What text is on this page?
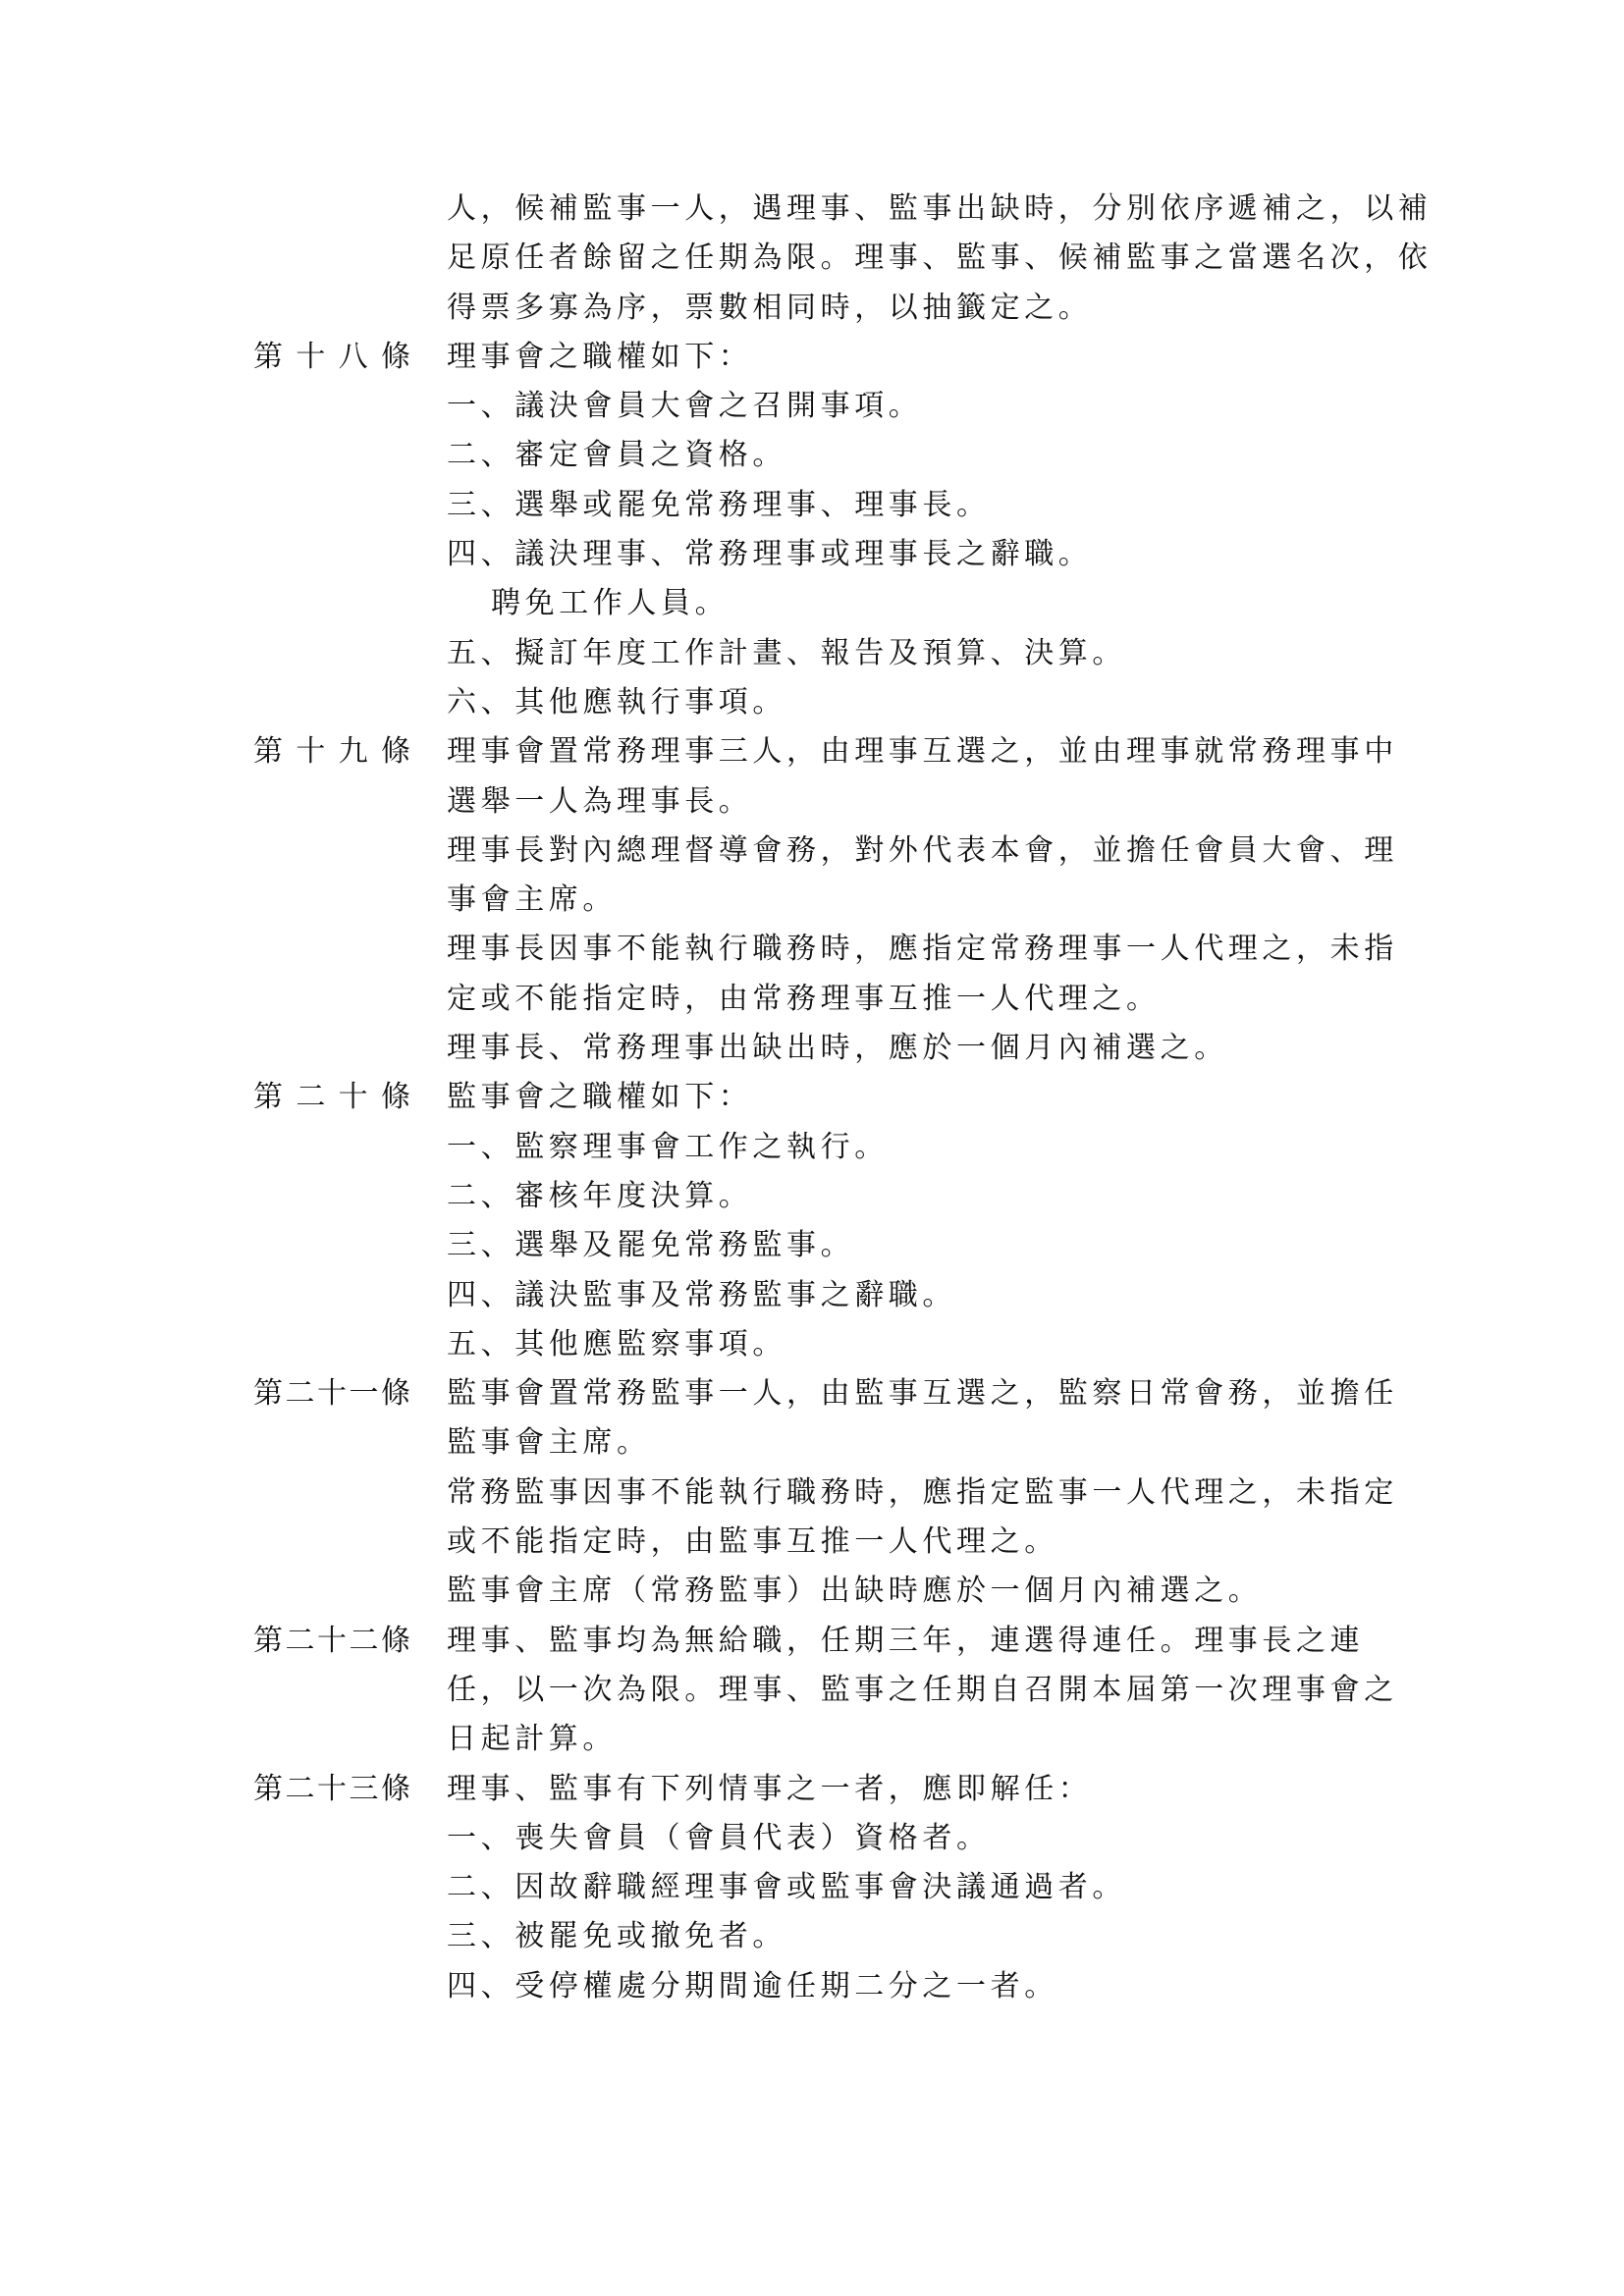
人，候補監事一人，遇理事、監事出缺時，分別依序遞補之，以補
足原任者餘留之任期為限。理事、監事、候補監事之當選名次，依
得票多寡為序，票數相同時，以抽籤定之。
第 十 八 條 理事會之職權如下：
一、議決會員大會之召開事項。
二、審定會員之資格。
三、選舉或罷免常務理事、理事長。
四、議決理事、常務理事或理事長之辭職。
聘免工作人員。
五、擬訂年度工作計畫、報告及預算、決算。
六、其他應執行事項。
第 十 九 條 理事會置常務理事三人，由理事互選之，並由理事就常務理事中
選舉一人為理事長。
理事長對內總理督導會務，對外代表本會，並擔任會員大會、理
事會主席。
理事長因事不能執行職務時，應指定常務理事一人代理之，未指
定或不能指定時，由常務理事互推一人代理之。
理事長、常務理事出缺出時，應於一個月內補選之。
第 二 十 條 監事會之職權如下：
一、監察理事會工作之執行。
二、審核年度決算。
三、選舉及罷免常務監事。
四、議決監事及常務監事之辭職。
五、其他應監察事項。
第 二 十 一 條 監事會置常務監事一人，由監事互選之，監察日常會務，並擔任
監事會主席。
常務監事因事不能執行職務時，應指定監事一人代理之，未指定
或不能指定時，由監事互推一人代理之。
監事會主席（常務監事）出缺時應於一個月內補選之。
第 二 十 二 條 理事、監事均為無給職，任期三年，連選得連任。理事長之連
任，以一次為限。理事、監事之任期自召開本屆第一次理事會之
日起計算。
第 二 十 三 條 理事、監事有下列情事之一者，應即解任：
一、喪失會員（會員代表）資格者。
二、因故辭職經理事會或監事會決議通過者。
三、被罷免或撤免者。
四、受停權處分期間逾任期二分之一者。
